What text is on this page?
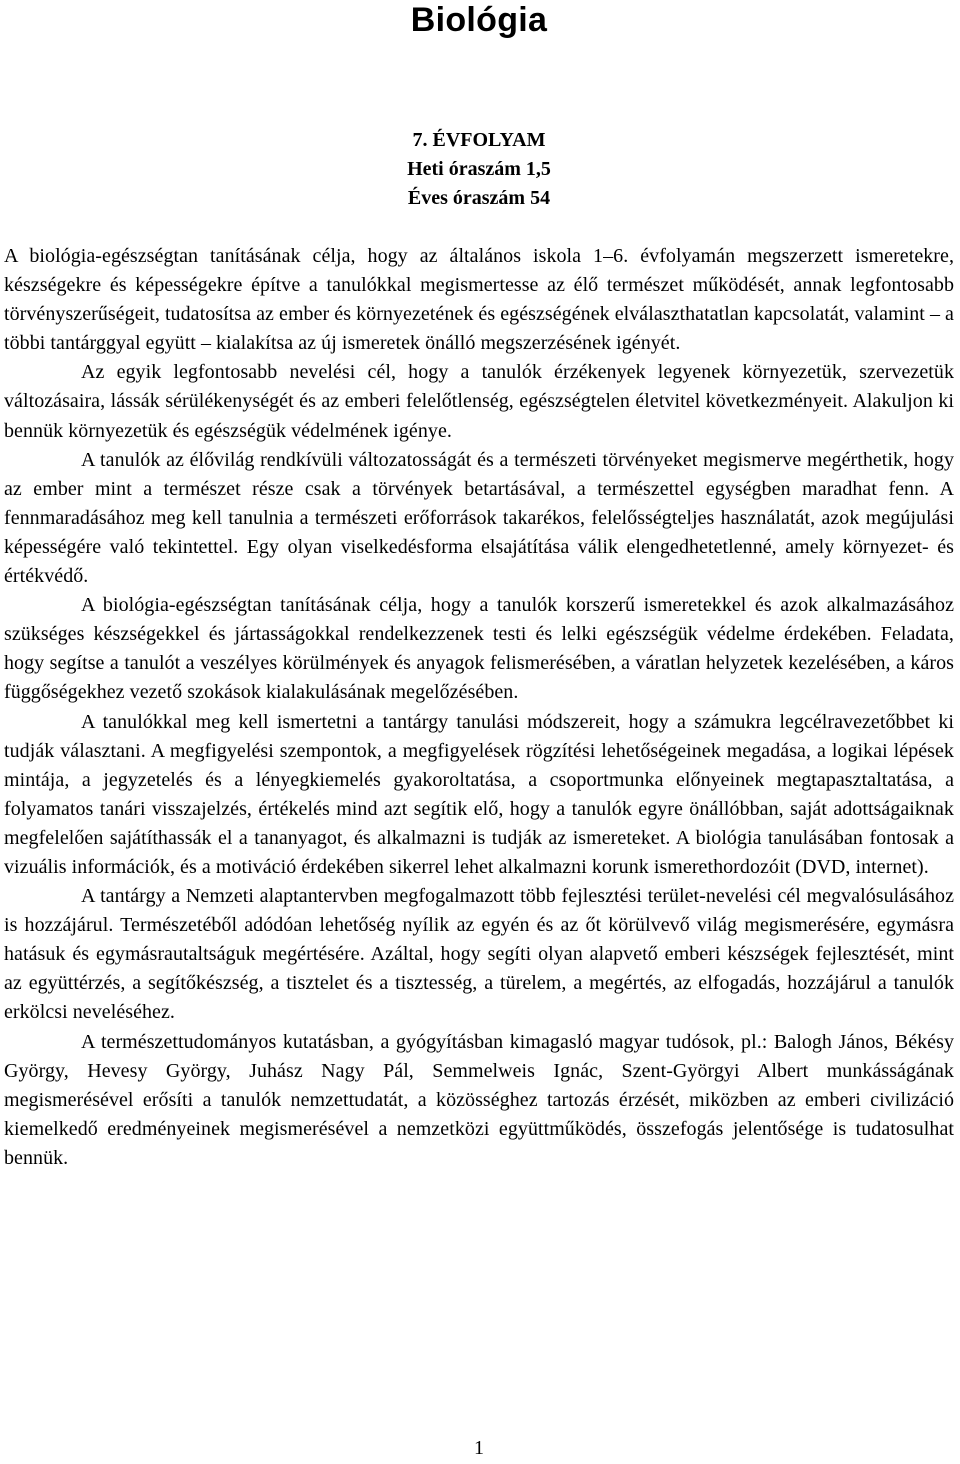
Biológia
7. ÉVFOLYAM
Heti óraszám 1,5
Éves óraszám 54

A biológia-egészségtan tanításának célja, hogy az általános iskola 1–6. évfolyamán megszerzett ismeretekre, készségekre és képességekre építve a tanulókkal megismertesse az élő természet működését, annak legfontosabb törvényszerűségeit, tudatosítsa az ember és környezetének és egészségének elválaszthatatlan kapcsolatát, valamint – a többi tantárggyal együtt – kialakítsa az új ismeretek önálló megszerzésének igényét.

Az egyik legfontosabb nevelési cél, hogy a tanulók érzékenyek legyenek környezetük, szervezetük változásaira, lássák sérülékenységét és az emberi felelőtlenség, egészségtelen életvitel következményeit. Alakuljon ki bennük környezetük és egészségük védelmének igénye.

A tanulók az élővilág rendkívüli változatosságát és a természeti törvényeket megismerve megérthetik, hogy az ember mint a természet része csak a törvények betartásával, a természettel egységben maradhat fenn. A fennmaradásához meg kell tanulnia a természeti erőforrások takarékos, felelősségteljes használatát, azok megújulási képességére való tekintettel. Egy olyan viselkedésforma elsajátítása válik elengedhetetlenné, amely környezet- és értékvédő.

A biológia-egészségtan tanításának célja, hogy a tanulók korszerű ismeretekkel és azok alkalmazásához szükséges készségekkel és jártasságokkal rendelkezzenek testi és lelki egészségük védelme érdekében. Feladata, hogy segítse a tanulót a veszélyes körülmények és anyagok felismerésében, a váratlan helyzetek kezelésében, a káros függőségekhez vezető szokások kialakulásának megelőzésében.

A tanulókkal meg kell ismertetni a tantárgy tanulási módszereit, hogy a számukra legcélravezetőbbet ki tudják választani. A megfigyelési szempontok, a megfigyelések rögzítési lehetőségeinek megadása, a logikai lépések mintája, a jegyzetelés és a lényegkiemelés gyakoroltatása, a csoportmunka előnyeinek megtapasztaltatása, a folyamatos tanári visszajelzés, értékelés mind azt segítik elő, hogy a tanulók egyre önállóbban, saját adottságaiknak megfelelően sajátíthassák el a tananyagot, és alkalmazni is tudják az ismereteket. A biológia tanulásában fontosak a vizuális információk, és a motiváció érdekében sikerrel lehet alkalmazni korunk ismerethordozóit (DVD, internet).

A tantárgy a Nemzeti alaptantervben megfogalmazott több fejlesztési terület-nevelési cél megvalósulásához is hozzájárul. Természetéből adódóan lehetőség nyílik az egyén és az őt körülvevő világ megismerésére, egymásra hatásuk és egymásrautaltságuk megértésére. Azáltal, hogy segíti olyan alapvető emberi készségek fejlesztését, mint az együttérzés, a segítőkészség, a tisztelet és a tisztesség, a türelem, a megértés, az elfogadás, hozzájárul a tanulók erkölcsi neveléséhez.

A természettudományos kutatásban, a gyógyításban kimagasló magyar tudósok, pl.: Balogh János, Békésy György, Hevesy György, Juhász Nagy Pál, Semmelweis Ignác, Szent-Györgyi Albert munkásságának megismerésével erősíti a tanulók nemzettudatát, a közösséghez tartozás érzését, miközben az emberi civilizáció kiemelkedő eredményeinek megismerésével a nemzetközi együttműködés, összefogás jelentősége is tudatosulhat bennük.

1
